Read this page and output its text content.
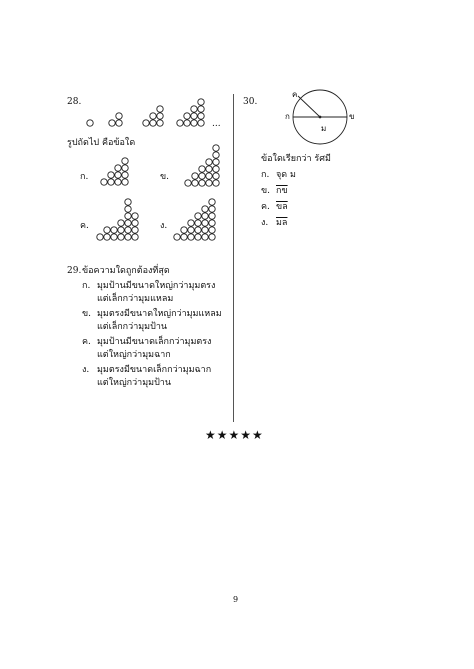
28.
...
รูปถัดไป คือข้อใด
ก.	ข.
ค.	ง.
29. ข้อความใดถูกต้องที่สุด
ก. มุมป้านมีขนาดใหญ่กว่ามุมตรง
แต่เล็กกว่ามุมแหลม
ข. มุมตรงมีขนาดใหญ่กว่ามุมแหลม
แต่เล็กกว่ามุมป้าน
ค. มุมป้านมีขนาดเล็กกว่ามุมตรง
แต่ใหญ่กว่ามุมฉาก
ง. มุมตรงมีขนาดเล็กกว่ามุมฉาก
แต่ใหญ่กว่ามุมป้าน
30.
ค
ก	ข
ม
ข้อใดเรียกว่า รัศมี
ก. จุด ม
ข. กข
ค. ขล
ง. มล
★★★★★
9
